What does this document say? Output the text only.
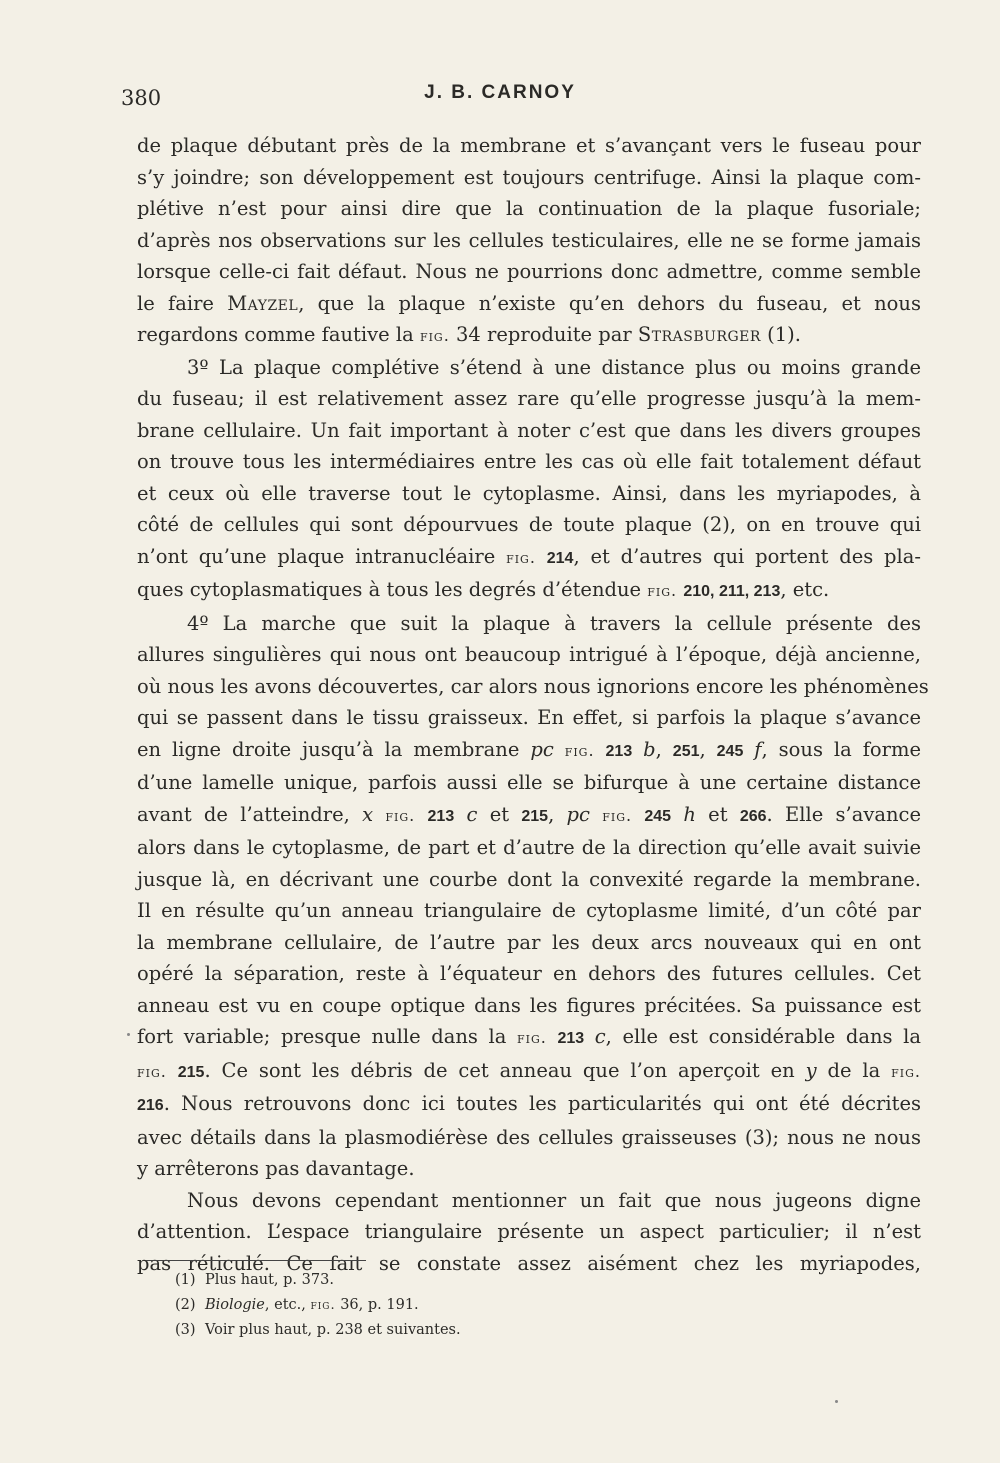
380	J. B. CARNOY
de plaque débutant près de la membrane et s’avançant vers le fuseau pour
s’y joindre; son développement est toujours centrifuge. Ainsi la plaque com-
plétive n’est pour ainsi dire que la continuation de la plaque fusoriale;
d’après nos observations sur les cellules testiculaires, elle ne se forme jamais
lorsque celle-ci fait défaut. Nous ne pourrions donc admettre, comme semble
le faire Mayzel, que la plaque n’existe qu’en dehors du fuseau, et nous
regardons comme fautive la fig. 34 reproduite par Strasburger (1).
3º La plaque complétive s’étend à une distance plus ou moins grande
du fuseau; il est relativement assez rare qu’elle progresse jusqu’à la mem-
brane cellulaire. Un fait important à noter c’est que dans les divers groupes
on trouve tous les intermédiaires entre les cas où elle fait totalement défaut
et ceux où elle traverse tout le cytoplasme. Ainsi, dans les myriapodes, à
côté de cellules qui sont dépourvues de toute plaque (2), on en trouve qui
n’ont qu’une plaque intranucléaire fig. 214, et d’autres qui portent des pla-
ques cytoplasmatiques à tous les degrés d’étendue fig. 210, 211, 213, etc.
4º La marche que suit la plaque à travers la cellule présente des
allures singulières qui nous ont beaucoup intrigué à l’époque, déjà ancienne,
où nous les avons découvertes, car alors nous ignorions encore les phénomènes
qui se passent dans le tissu graisseux. En effet, si parfois la plaque s’avance
en ligne droite jusqu’à la membrane pc fig. 213 b, 251, 245 f, sous la forme
d’une lamelle unique, parfois aussi elle se bifurque à une certaine distance
avant de l’atteindre, x fig. 213 c et 215, pc fig. 245 h et 266. Elle s’avance
alors dans le cytoplasme, de part et d’autre de la direction qu’elle avait suivie
jusque là, en décrivant une courbe dont la convexité regarde la membrane.
Il en résulte qu’un anneau triangulaire de cytoplasme limité, d’un côté par
la membrane cellulaire, de l’autre par les deux arcs nouveaux qui en ont
opéré la séparation, reste à l’équateur en dehors des futures cellules. Cet
anneau est vu en coupe optique dans les figures précitées. Sa puissance est
fort variable; presque nulle dans la fig. 213 c, elle est considérable dans la
fig. 215. Ce sont les débris de cet anneau que l’on aperçoit en y de la fig.
216. Nous retrouvons donc ici toutes les particularités qui ont été décrites
avec détails dans la plasmodiérèse des cellules graisseuses (3); nous ne nous
y arrêterons pas davantage.
Nous devons cependant mentionner un fait que nous jugeons digne
d’attention. L’espace triangulaire présente un aspect particulier; il n’est
pas réticulé. Ce fait se constate assez aisément chez les myriapodes,
(1) Plus haut, p. 373.
(2) Biologie, etc., fig. 36, p. 191.
(3) Voir plus haut, p. 238 et suivantes.
